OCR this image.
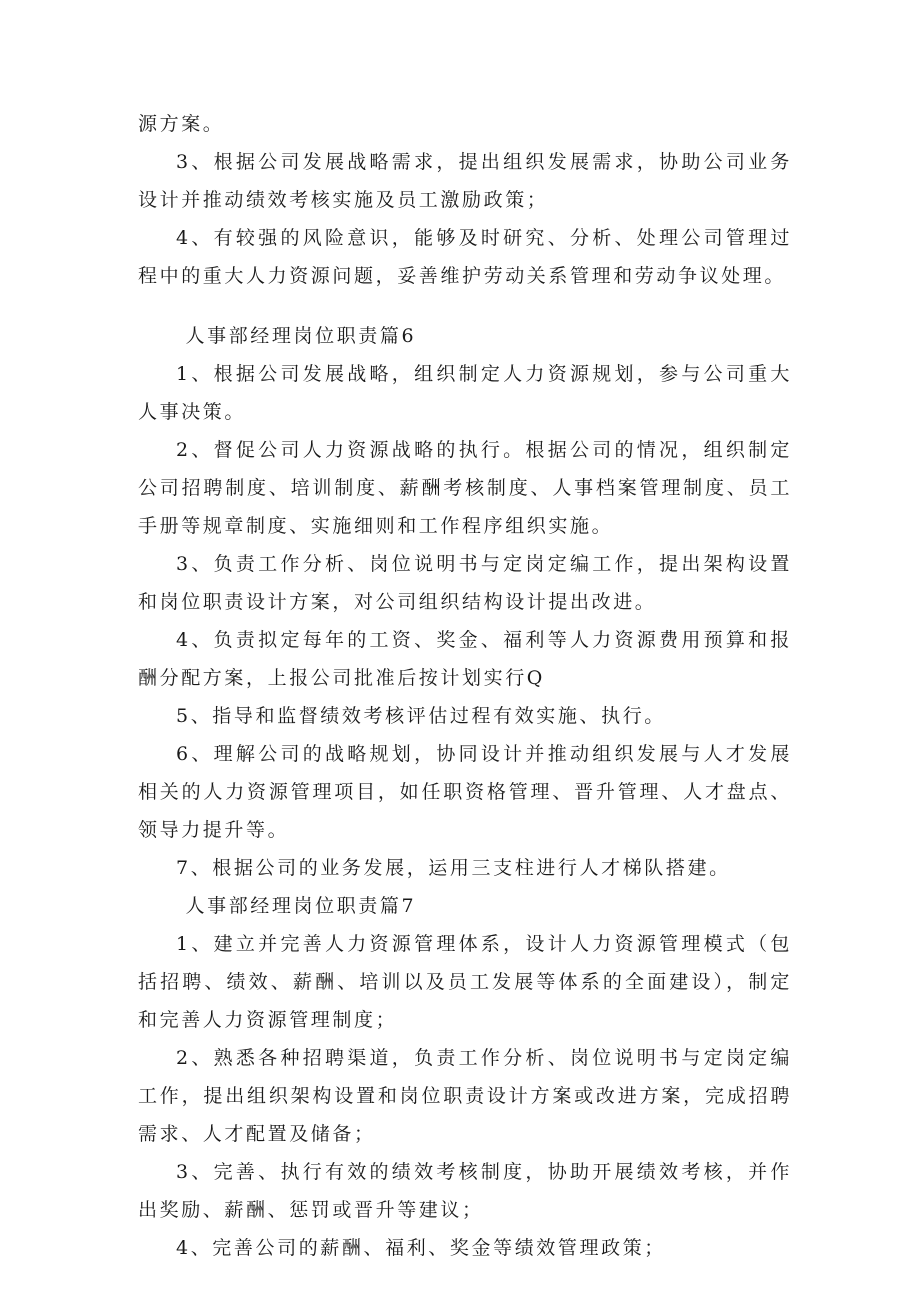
源方案。

3、根据公司发展战略需求，提出组织发展需求，协助公司业务设计并推动绩效考核实施及员工激励政策；

4、有较强的风险意识，能够及时研究、分析、处理公司管理过程中的重大人力资源问题，妥善维护劳动关系管理和劳动争议处理。

人事部经理岗位职责篇6

1、根据公司发展战略，组织制定人力资源规划，参与公司重大人事决策。

2、督促公司人力资源战略的执行。根据公司的情况，组织制定公司招聘制度、培训制度、薪酬考核制度、人事档案管理制度、员工手册等规章制度、实施细则和工作程序组织实施。

3、负责工作分析、岗位说明书与定岗定编工作，提出架构设置和岗位职责设计方案，对公司组织结构设计提出改进。

4、负责拟定每年的工资、奖金、福利等人力资源费用预算和报酬分配方案，上报公司批准后按计划实行Q

5、指导和监督绩效考核评估过程有效实施、执行。

6、理解公司的战略规划，协同设计并推动组织发展与人才发展相关的人力资源管理项目，如任职资格管理、晋升管理、人才盘点、领导力提升等。

7、根据公司的业务发展，运用三支柱进行人才梯队搭建。

人事部经理岗位职责篇7

1、建立并完善人力资源管理体系，设计人力资源管理模式（包括招聘、绩效、薪酬、培训以及员工发展等体系的全面建设），制定和完善人力资源管理制度；

2、熟悉各种招聘渠道，负责工作分析、岗位说明书与定岗定编工作，提出组织架构设置和岗位职责设计方案或改进方案，完成招聘需求、人才配置及储备；

3、完善、执行有效的绩效考核制度，协助开展绩效考核，并作出奖励、薪酬、惩罚或晋升等建议；

4、完善公司的薪酬、福利、奖金等绩效管理政策；
